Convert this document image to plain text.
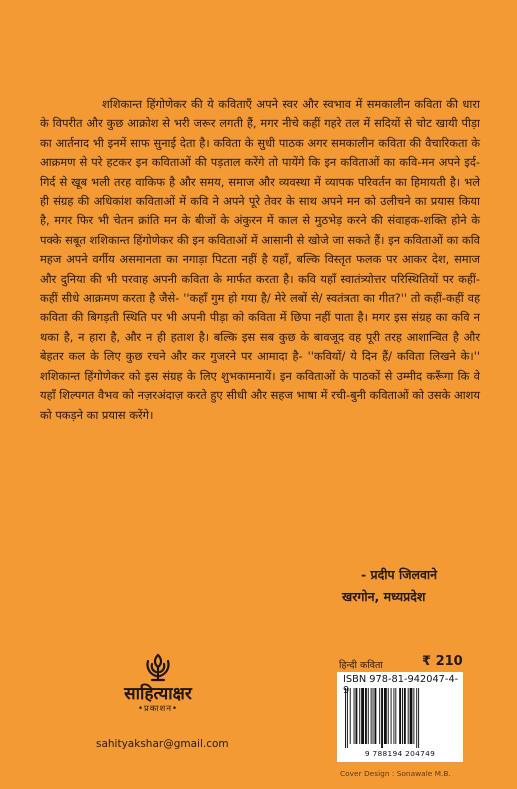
शशिकान्त हिंगोणेकर की ये कविताएँ अपने स्वर और स्वभाव में समकालीन कविता की धारा के विपरीत और कुछ आक्रोश से भरी जरूर लगती हैं, मगर नीचे कहीं गहरे तल में सदियों से चोट खायी पीड़ा का आर्तनाद भी इनमें साफ सुनाई देता है। कविता के सुधी पाठक अगर समकालीन कविता की वैचारिकता के आक्रमण से परे हटकर इन कविताओं की पड़ताल करेंगे तो पायेंगे कि इन कविताओं का कवि-मन अपने इर्द-गिर्द से खूब भली तरह वाकिफ है और समय, समाज और व्यवस्था में व्यापक परिवर्तन का हिमायती है। भले ही संग्रह की अधिकांश कविताओं में कवि ने अपने पूरे तेवर के साथ अपने मन को उलीचने का प्रयास किया है, मगर फिर भी चेतन क्रांति मन के बीजों के अंकुरन में काल से मुठभेड़ करने की संवाहक-शक्ति होने के पक्के सबूत शशिकान्त हिंगोणेकर की इन कविताओं में आसानी से खोजे जा सकते हैं। इन कविताओं का कवि महज अपने वर्गीय असमानता का नगाड़ा पिटता नहीं है यहाँ, बल्कि विस्तृत फलक पर आकर देश, समाज और दुनिया की भी परवाह अपनी कविता के मार्फत करता है। कवि यहाँ स्वातंत्र्योत्तर परिस्थितियों पर कहीं-कहीं सीधे आक्रमण करता है जैसे- ''कहाँ गुम हो गया है/ मेरे लबों से/ स्वतंत्रता का गीत?'' तो कहीं-कहीं वह कविता की बिगड़ती स्थिति पर भी अपनी पीड़ा को कविता में छिपा नहीं पाता है। मगर इस संग्रह का कवि न थका है, न हारा है, और न ही हताश है। बल्कि इस सब कुछ के बावजूद वह पूरी तरह आशान्वित है और बेहतर कल के लिए कुछ रचने और कर गुजरने पर आमादा है- ''कवियों/ ये दिन हैं/ कविता लिखने के।'' शशिकान्त हिंगोणेकर को इस संग्रह के लिए शुभकामनायें। इन कविताओं के पाठकों से उम्मीद करूँगा कि वे यहाँ शिल्पगत वैभव को नज़रअंदाज़ करते हुए सीधी और सहज भाषा में रची-बुनी कविताओं को उसके आशय को पकड़ने का प्रयास करेंगे।

- प्रदीप जिलवाने
खरगोन, मध्यप्रदेश
साहित्याक्षर
•प्रकाशन•
sahityakshar@gmail.com
हिन्दी कविता	₹ 210
ISBN 978-81-942047-4-9
9 788194 204749
Cover Design : Sonawale M.B.
